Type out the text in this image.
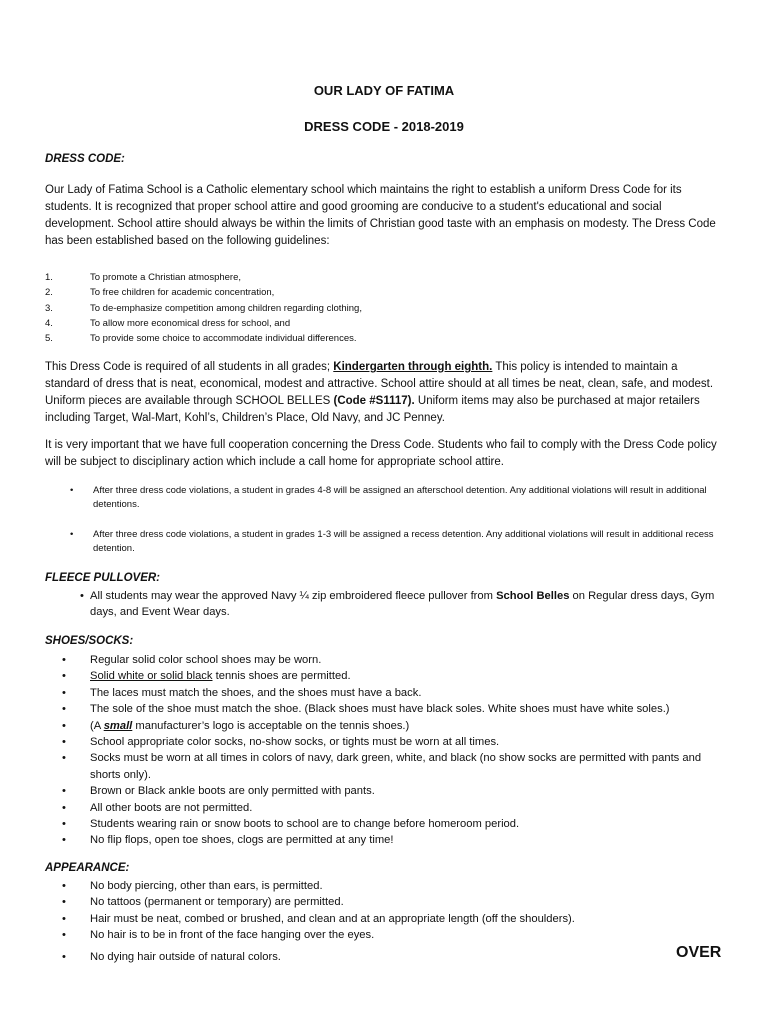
OUR LADY OF FATIMA
DRESS CODE - 2018-2019
DRESS CODE:
Our Lady of Fatima School is a Catholic elementary school which maintains the right to establish a uniform Dress Code for its students. It is recognized that proper school attire and good grooming are conducive to a student's educational and social development. School attire should always be within the limits of Christian good taste with an emphasis on modesty. The Dress Code has been established based on the following guidelines:
1.	To promote a Christian atmosphere,
2.	To free children for academic concentration,
3.	To de-emphasize competition among children regarding clothing,
4.	To allow more economical dress for school, and
5.	To provide some choice to accommodate individual differences.
This Dress Code is required of all students in all grades; Kindergarten through eighth. This policy is intended to maintain a standard of dress that is neat, economical, modest and attractive. School attire should at all times be neat, clean, safe, and modest. Uniform pieces are available through SCHOOL BELLES (Code #S1117). Uniform items may also be purchased at major retailers including Target, Wal-Mart, Kohl’s, Children’s Place, Old Navy, and JC Penney.
It is very important that we have full cooperation concerning the Dress Code. Students who fail to comply with the Dress Code policy will be subject to disciplinary action which include a call home for appropriate school attire.
•	After three dress code violations, a student in grades 4-8 will be assigned an afterschool detention. Any additional violations will result in additional detentions.
•	After three dress code violations, a student in grades 1-3 will be assigned a recess detention. Any additional violations will result in additional recess detention.
FLEECE PULLOVER:
• All students may wear the approved Navy ¼ zip embroidered fleece pullover from School Belles on Regular dress days, Gym days, and Event Wear days.
SHOES/SOCKS:
•	Regular solid color school shoes may be worn.
•	Solid white or solid black tennis shoes are permitted.
•	The laces must match the shoes, and the shoes must have a back.
•	The sole of the shoe must match the shoe. (Black shoes must have black soles. White shoes must have white soles.)
•	(A small manufacturer’s logo is acceptable on the tennis shoes.)
•	School appropriate color socks, no-show socks, or tights must be worn at all times.
•	Socks must be worn at all times in colors of navy, dark green, white, and black (no show socks are permitted with pants and shorts only).
•	Brown or Black ankle boots are only permitted with pants.
•	All other boots are not permitted.
•	Students wearing rain or snow boots to school are to change before homeroom period.
•	No flip flops, open toe shoes, clogs are permitted at any time!
APPEARANCE:
•	No body piercing, other than ears, is permitted.
•	No tattoos (permanent or temporary) are permitted.
•	Hair must be neat, combed or brushed, and clean and at an appropriate length (off the shoulders).
•	No hair is to be in front of the face hanging over the eyes.
•	No dying hair outside of natural colors.	OVER
